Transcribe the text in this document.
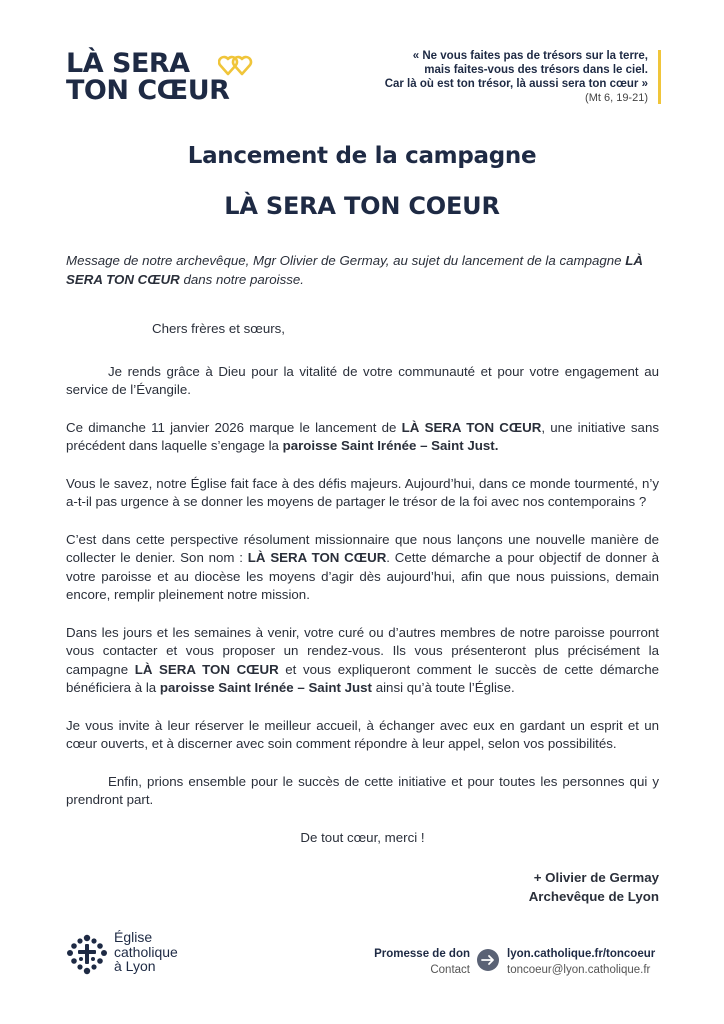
LÀ SERA
TON CŒUR
« Ne vous faites pas de trésors sur la terre,
mais faites-vous des trésors dans le ciel.
Car là où est ton trésor, là aussi sera ton cœur »
(Mt 6, 19-21)
Lancement de la campagne
LÀ SERA TON COEUR

Message de notre archevêque, Mgr Olivier de Germay, au sujet du lancement de la campagne LÀ SERA TON CŒUR dans notre paroisse.

Chers frères et sœurs,

Je rends grâce à Dieu pour la vitalité de votre communauté et pour votre engagement au service de l’Évangile.

Ce dimanche 11 janvier 2026 marque le lancement de LÀ SERA TON CŒUR, une initiative sans précédent dans laquelle s’engage la paroisse Saint Irénée – Saint Just.

Vous le savez, notre Église fait face à des défis majeurs. Aujourd’hui, dans ce monde tourmenté, n’y a-t-il pas urgence à se donner les moyens de partager le trésor de la foi avec nos contemporains ?

C’est dans cette perspective résolument missionnaire que nous lançons une nouvelle manière de collecter le denier. Son nom : LÀ SERA TON CŒUR. Cette démarche a pour objectif de donner à votre paroisse et au diocèse les moyens d’agir dès aujourd’hui, afin que nous puissions, demain encore, remplir pleinement notre mission.

Dans les jours et les semaines à venir, votre curé ou d’autres membres de notre paroisse pourront vous contacter et vous proposer un rendez-vous. Ils vous présenteront plus précisément la campagne LÀ SERA TON CŒUR et vous expliqueront comment le succès de cette démarche bénéficiera à la paroisse Saint Irénée – Saint Just ainsi qu’à toute l’Église.

Je vous invite à leur réserver le meilleur accueil, à échanger avec eux en gardant un esprit et un cœur ouverts, et à discerner avec soin comment répondre à leur appel, selon vos possibilités.

Enfin, prions ensemble pour le succès de cette initiative et pour toutes les personnes qui y prendront part.

De tout cœur, merci !

+ Olivier de Germay

Archevêque de Lyon

Église
catholique
à Lyon
Promesse de don
Contact
lyon.catholique.fr/toncoeur
toncoeur@lyon.catholique.fr
